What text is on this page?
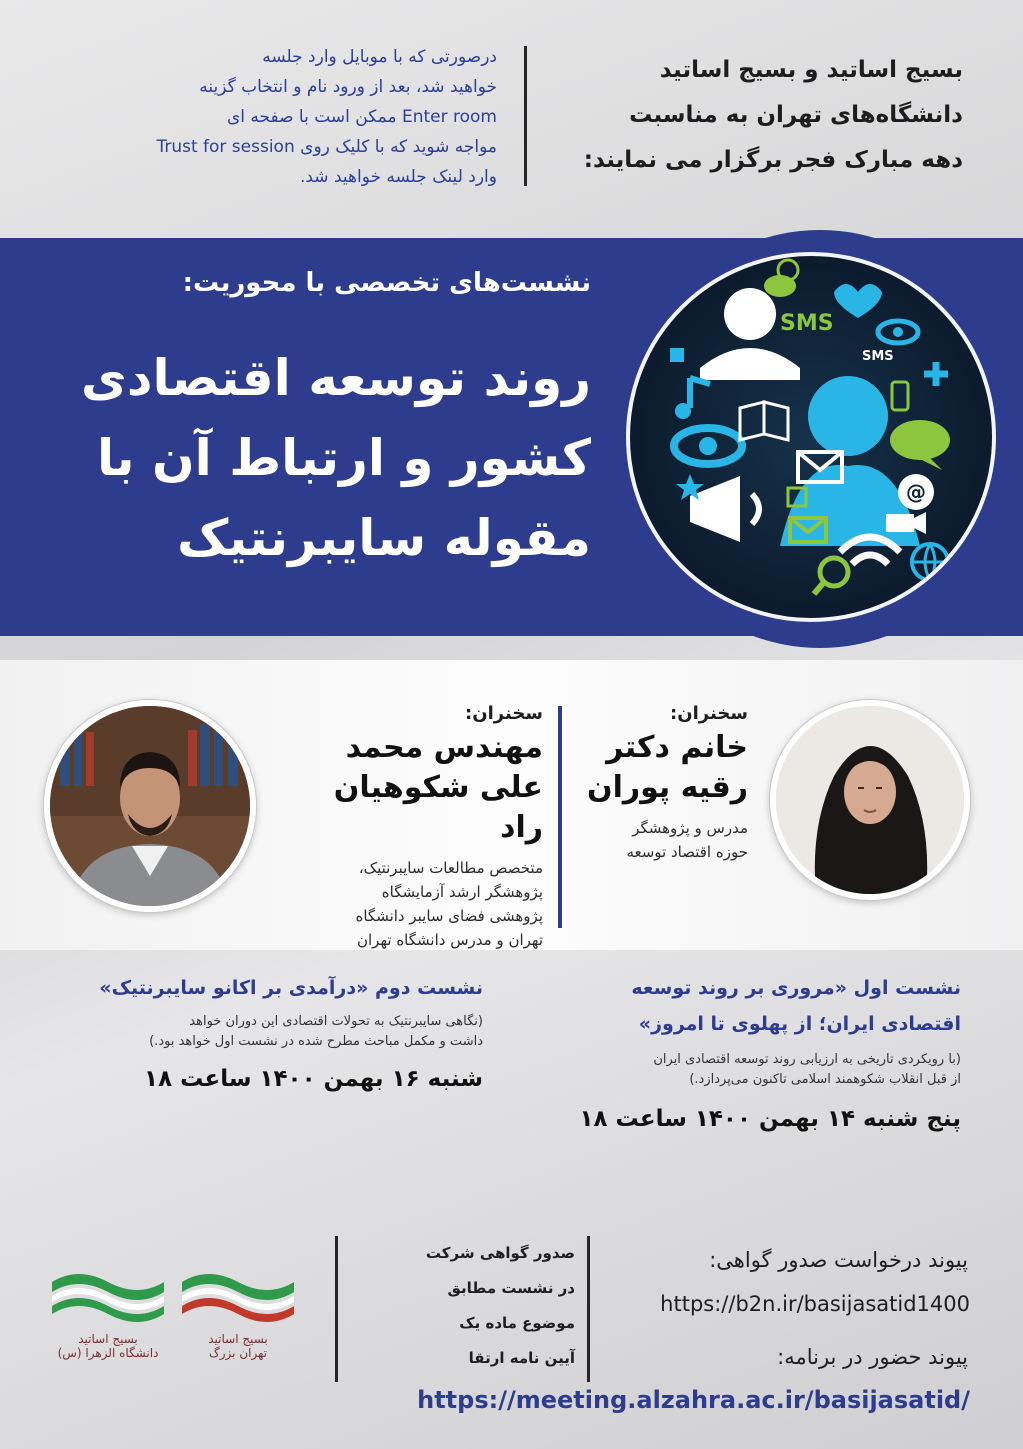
بسیج اساتید و بسیج اساتید
دانشگاه‌های تهران به مناسبت
دهه مبارک فجر برگزار می نمایند:
درصورتی که با موبایل وارد جلسه
خواهید شد، بعد از ورود نام و انتخاب گزینه
Enter room ممکن است با صفحه ای
مواجه شوید که با کلیک روی Trust for session
وارد لینک جلسه خواهید شد.
@
SMS
SMS
نشست‌های تخصصی با محوریت:
روند توسعه اقتصادی
کشور و ارتباط آن با
مقوله سایبرنتیک
سخنران:
خانم دکتر
رقیه پوران
مدرس و پژوهشگر
حوزه اقتصاد توسعه
سخنران:
مهندس محمد
علی شکوهیان راد
متخصص مطالعات سایبرنتیک،
پژوهشگر ارشد آزمایشگاه
پژوهشی فضای سایبر دانشگاه
تهران و مدرس دانشگاه تهران
نشست اول «مروری بر روند توسعه
اقتصادی ایران؛ از پهلوی تا امروز»
(با رویکردی تاریخی به ارزیابی روند توسعه اقتصادی ایران
از قبل انقلاب شکوهمند اسلامی تاکنون می‌پردازد.)
پنج شنبه ۱۴ بهمن ۱۴۰۰ ساعت ۱۸
نشست دوم «درآمدی بر اکانو سایبرنتیک»
(نگاهی سایبرنتیک به تحولات اقتصادی این دوران خواهد
داشت و مکمل مباحث مطرح شده در نشست اول خواهد بود.)
شنبه ۱۶ بهمن ۱۴۰۰ ساعت ۱۸
پیوند درخواست صدور گواهی:
https://b2n.ir/basijasatid1400
پیوند حضور در برنامه:
https://meeting.alzahra.ac.ir/basijasatid/
صدور گواهی شرکت
در نشست مطابق
موضوع ماده یک
آیین نامه ارتقا
بسیج اساتید
تهران بزرگ
بسیج اساتید
دانشگاه الزهرا (س)
